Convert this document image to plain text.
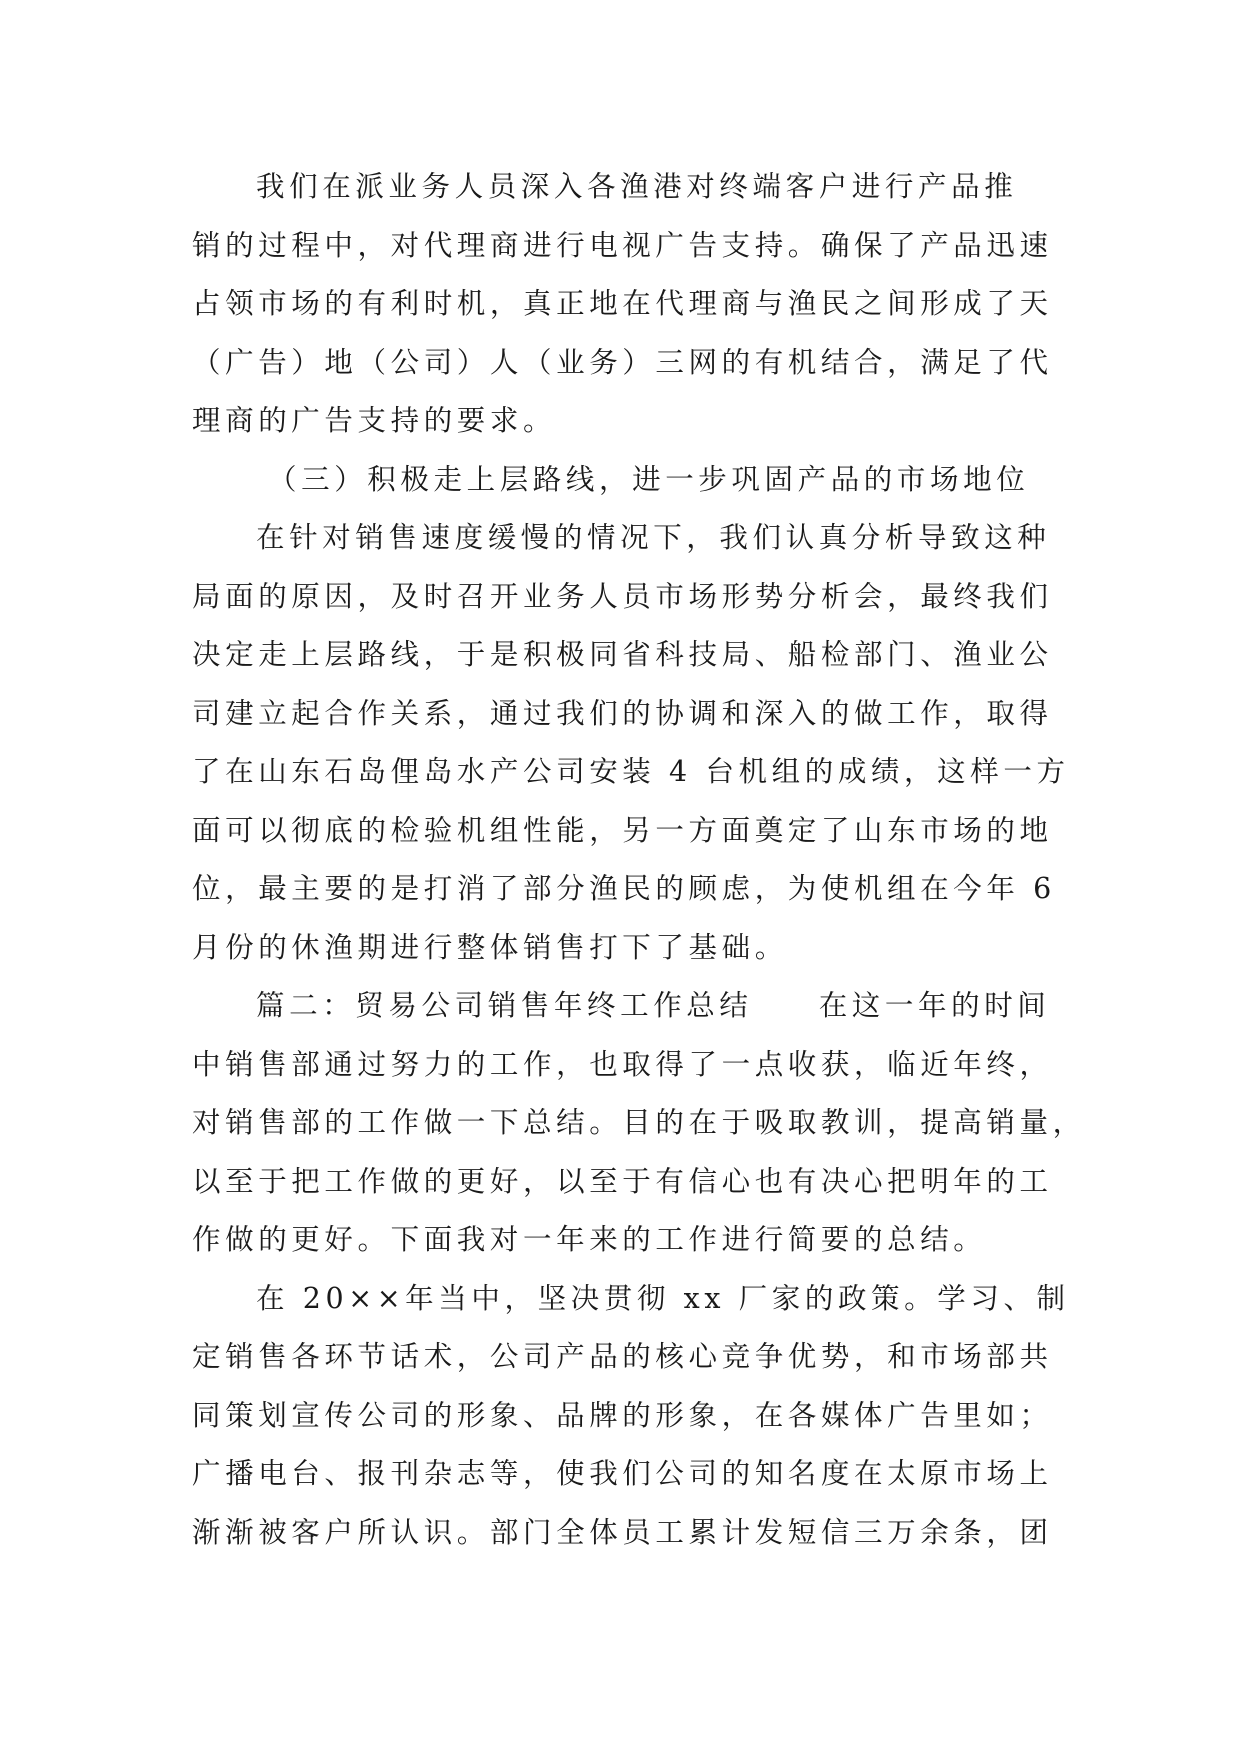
我们在派业务人员深入各渔港对终端客户进行产品推
销的过程中，对代理商进行电视广告支持。确保了产品迅速
占领市场的有利时机，真正地在代理商与渔民之间形成了天
（广告）地（公司）人（业务）三网的有机结合，满足了代
理商的广告支持的要求。
（三）积极走上层路线，进一步巩固产品的市场地位
在针对销售速度缓慢的情况下，我们认真分析导致这种
局面的原因，及时召开业务人员市场形势分析会，最终我们
决定走上层路线，于是积极同省科技局、船检部门、渔业公
司建立起合作关系，通过我们的协调和深入的做工作，取得
了在山东石岛俚岛水产公司安装 4 台机组的成绩，这样一方
面可以彻底的检验机组性能，另一方面奠定了山东市场的地
位，最主要的是打消了部分渔民的顾虑，为使机组在今年 6
月份的休渔期进行整体销售打下了基础。
篇二：贸易公司销售年终工作总结　　在这一年的时间
中销售部通过努力的工作，也取得了一点收获，临近年终，
对销售部的工作做一下总结。目的在于吸取教训，提高销量，
以至于把工作做的更好，以至于有信心也有决心把明年的工
作做的更好。下面我对一年来的工作进行简要的总结。
在 20××年当中，坚决贯彻 xx 厂家的政策。学习、制
定销售各环节话术，公司产品的核心竞争优势，和市场部共
同策划宣传公司的形象、品牌的形象，在各媒体广告里如；
广播电台、报刊杂志等，使我们公司的知名度在太原市场上
渐渐被客户所认识。部门全体员工累计发短信三万余条，团
